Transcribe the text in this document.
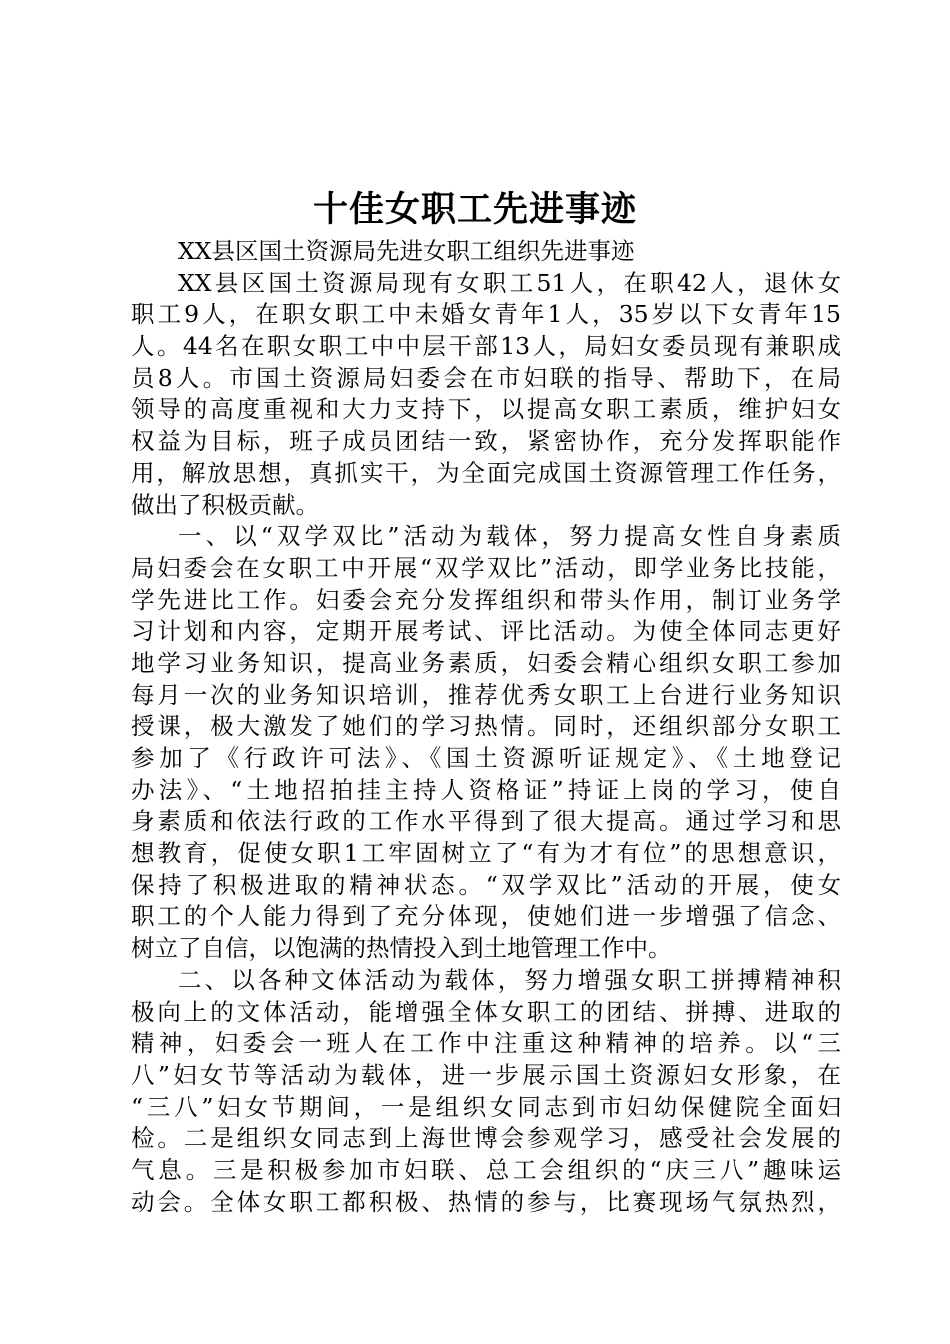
十佳女职工先进事迹
XX县区国土资源局先进女职工组织先进事迹
XX县区国土资源局现有女职工51人，在职42人，退休女
职工9人，在职女职工中未婚女青年1人，35岁以下女青年15
人。44名在职女职工中中层干部13人，局妇女委员现有兼职成
员8人。市国土资源局妇委会在市妇联的指导、帮助下，在局
领导的高度重视和大力支持下，以提高女职工素质，维护妇女
权益为目标，班子成员团结一致，紧密协作，充分发挥职能作
用，解放思想，真抓实干，为全面完成国土资源管理工作任务，
做出了积极贡献。
一、以“双学双比”活动为载体，努力提高女性自身素质
局妇委会在女职工中开展“双学双比”活动，即学业务比技能，
学先进比工作。妇委会充分发挥组织和带头作用，制订业务学
习计划和内容，定期开展考试、评比活动。为使全体同志更好
地学习业务知识，提高业务素质，妇委会精心组织女职工参加
每月一次的业务知识培训，推荐优秀女职工上台进行业务知识
授课，极大激发了她们的学习热情。同时，还组织部分女职工
参加了《行政许可法》、《国土资源听证规定》、《土地登记
办法》、“土地招拍挂主持人资格证”持证上岗的学习，使自
身素质和依法行政的工作水平得到了很大提高。通过学习和思
想教育，促使女职1工牢固树立了“有为才有位”的思想意识，
保持了积极进取的精神状态。“双学双比”活动的开展，使女
职工的个人能力得到了充分体现，使她们进一步增强了信念、
树立了自信，以饱满的热情投入到土地管理工作中。
二、以各种文体活动为载体，努力增强女职工拼搏精神积
极向上的文体活动，能增强全体女职工的团结、拼搏、进取的
精神，妇委会一班人在工作中注重这种精神的培养。以“三
八”妇女节等活动为载体，进一步展示国土资源妇女形象，在
“三八”妇女节期间，一是组织女同志到市妇幼保健院全面妇
检。二是组织女同志到上海世博会参观学习，感受社会发展的
气息。三是积极参加市妇联、总工会组织的“庆三八”趣味运
动会。全体女职工都积极、热情的参与，比赛现场气氛热烈，
